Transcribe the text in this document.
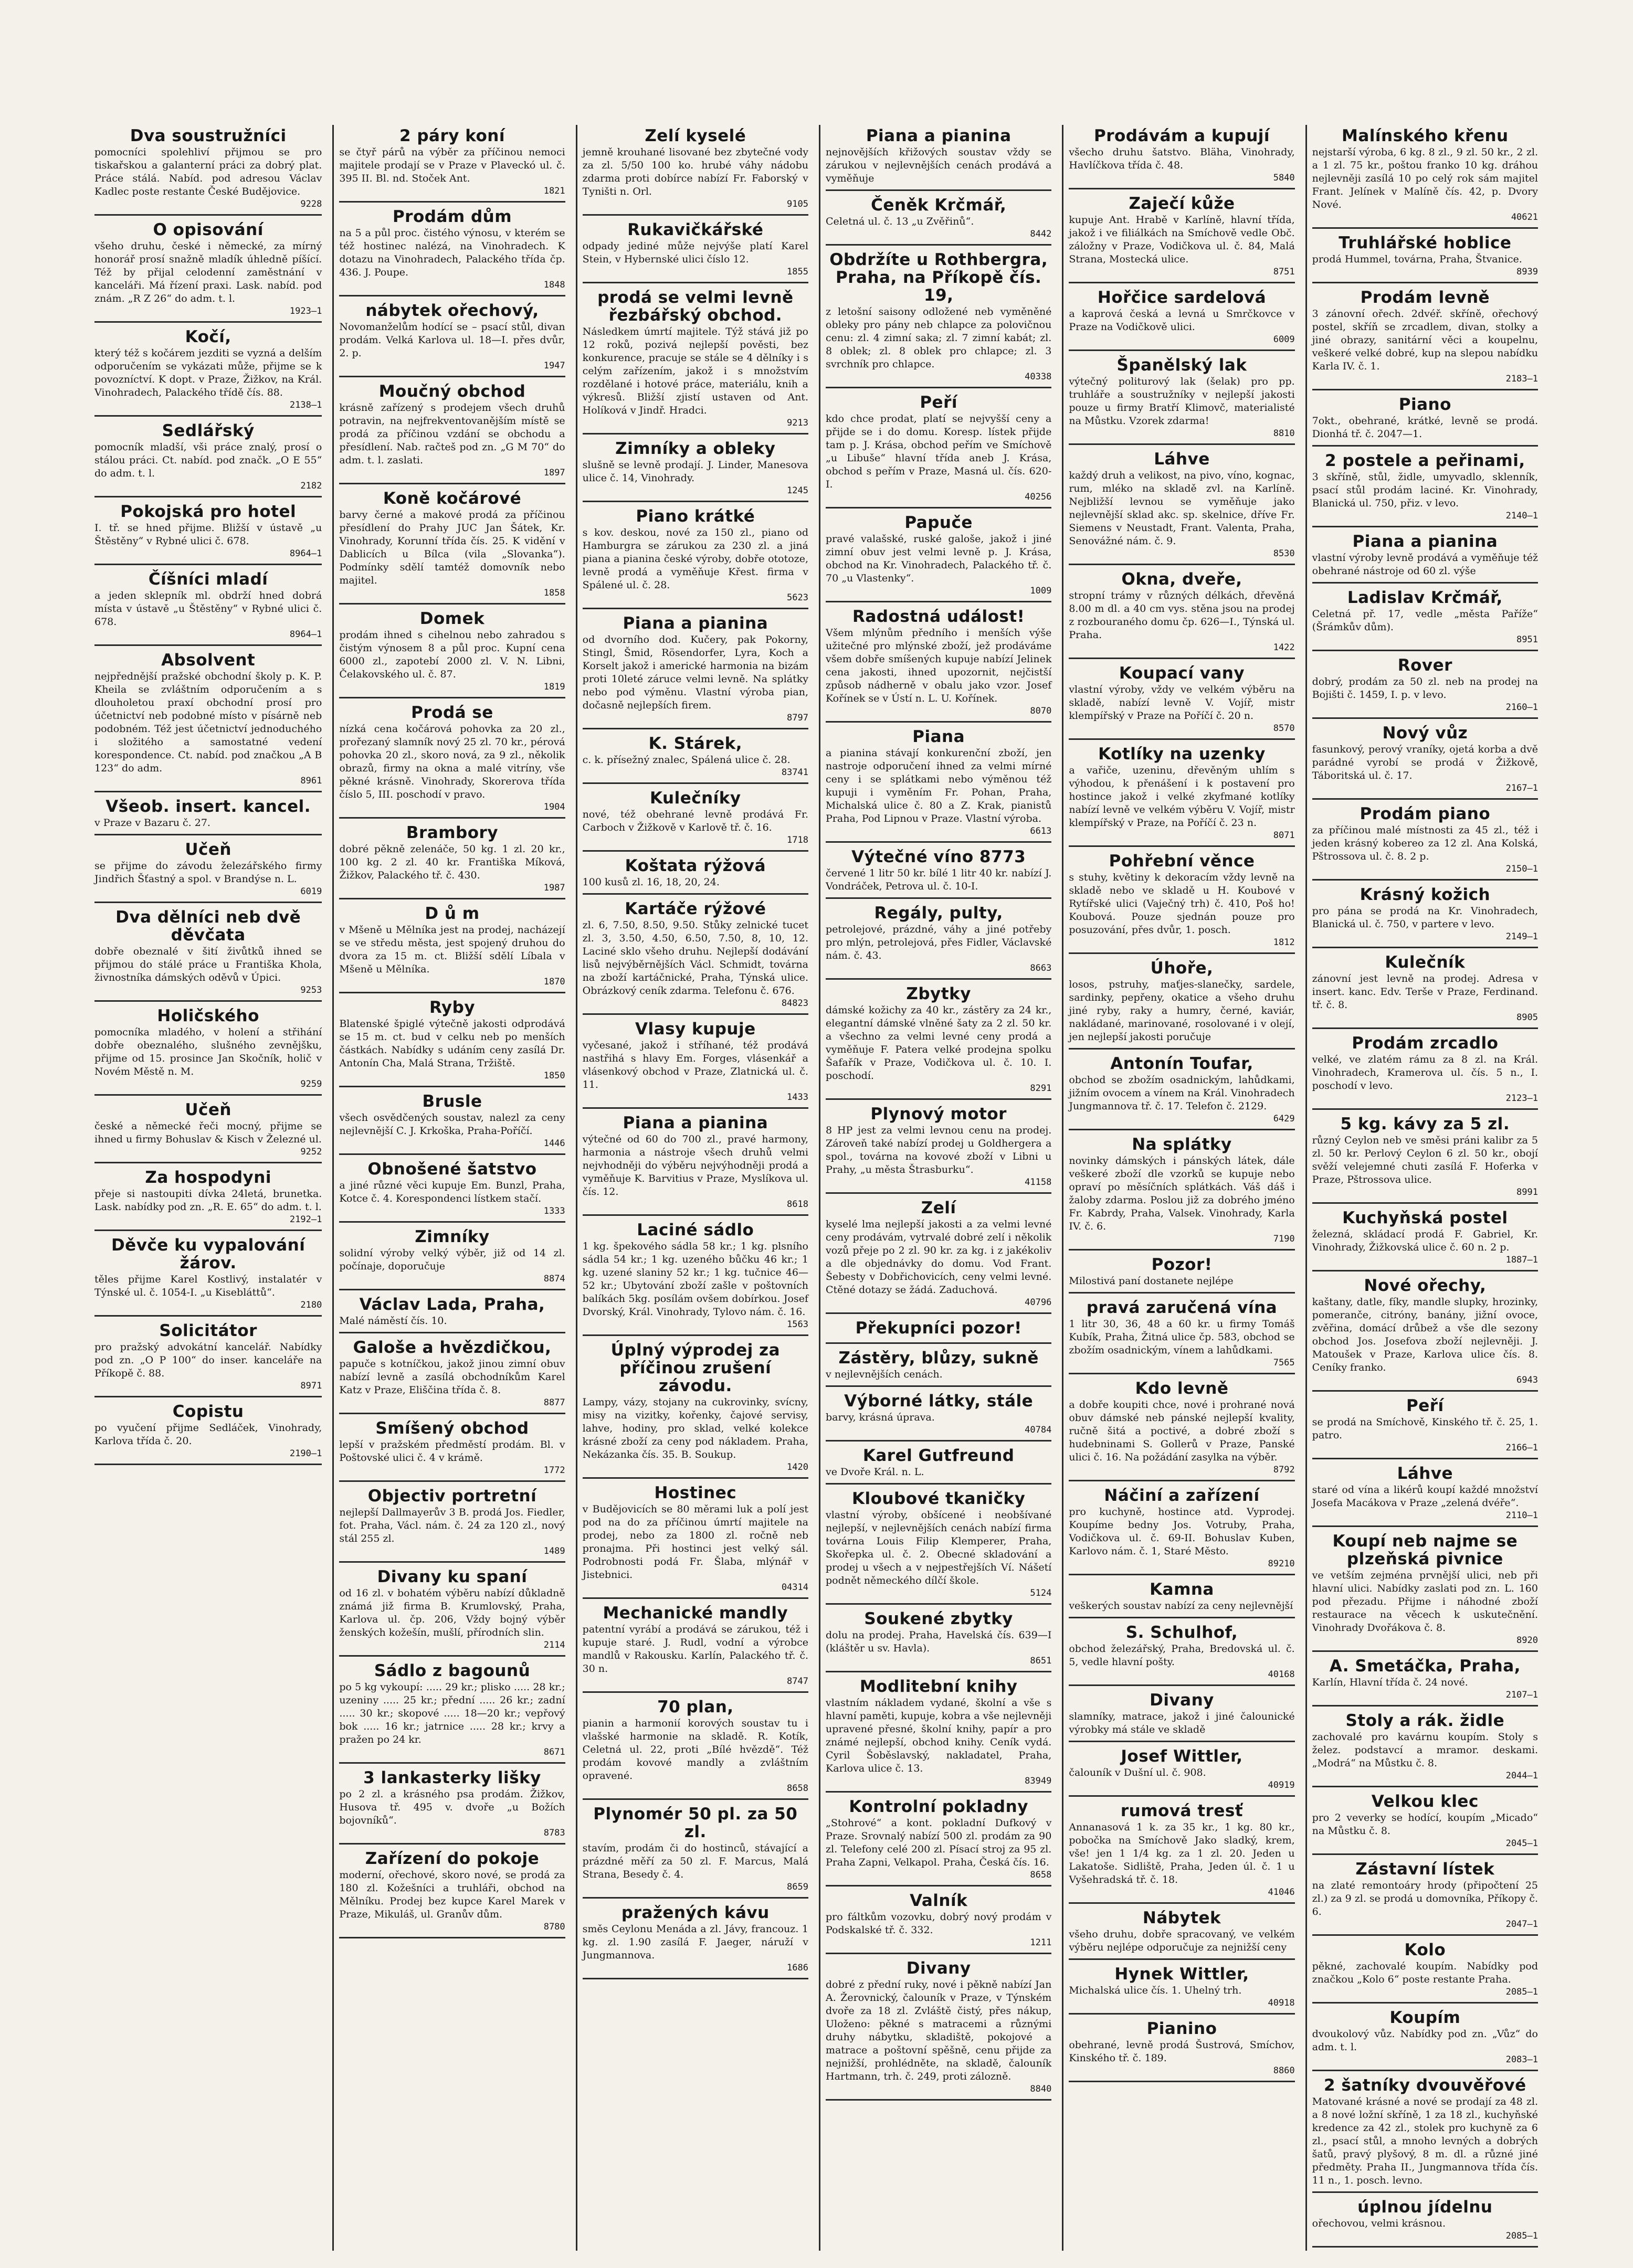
Dva soustružníci

pomocníci spolehliví přijmou se pro tiskařskou a galanterní práci za dobrý plat. Práce stálá. Nabíd. pod adresou Václav Kadlec poste restante České Budějovice.

9228

O opisování

všeho druhu, české i německé, za mírný honorář prosí snažně mladík úhledně píšící. Též by přijal celodenní zaměstnání v kanceláři. Má řízení praxi. Lask. nabíd. pod znám. „R Z 26“ do adm. t. l.

1923—1

Kočí,

který též s kočárem jezditi se vyzná a delším odporučením se vykázati může, přijme se k povozníctví. K dopt. v Praze, Žižkov, na Král. Vinohradech, Palackého třídě čís. 88.

2138—1

Sedlářský

pomocník mladší, vši práce znalý, prosí o stálou práci. Ct. nabíd. pod značk. „O E 55“ do adm. t. l.

2182

Pokojská pro hotel

I. tř. se hned přijme. Bližší v ústavě „u Štěstěny“ v Rybné ulici č. 678.

8964—1

Číšníci mladí

a jeden sklepník ml. obdrží hned dobrá místa v ústavě „u Štěstěny“ v Rybné ulici č. 678.

8964—1

Absolvent

nejpřednější pražské obchodní školy p. K. P. Kheila se zvláštním odporučením a s dlouholetou praxí obchodní prosí pro účetnictví neb podobné místo v písárně neb podobném. Též jest účetnictví jednoduchého i složitého a samostatné vedení korespondence. Ct. nabíd. pod značkou „A B 123“ do adm.

8961

Všeob. insert. kancel.

v Praze v Bazaru č. 27.

Učeň

se přijme do závodu železářského firmy Jindřich Šťastný a spol. v Brandýse n. L.

6019

Dva dělníci neb dvě děvčata

dobře obeznalé v šití živůtků ihned se přijmou do stálé práce u Františka Khola, živnostníka dámských oděvů v Úpici.

9253

Holičského

pomocníka mladého, v holení a střihání dobře obeznalého, slušného zevnějšku, přijme od 15. prosince Jan Skočník, holič v Novém Městě n. M.

9259

Učeň

české a německé řeči mocný, přijme se ihned u firmy Bohuslav & Kisch v Železné ul.

9252

Za hospodyni

přeje si nastoupiti dívka 24letá, brunetka. Lask. nabídky pod zn. „R. E. 65“ do adm. t. l.

2192—1

Děvče ku vypalování žárov.

těles přijme Karel Kostlivý, instalatér v Týnské ul. č. 1054-I. „u Kisebláttů“.

2180

Solicitátor

pro pražský advokátní kancelář. Nabídky pod zn. „O P 100“ do inser. kanceláře na Příkopě č. 88.

8971

Copistu

po vyučení přijme Sedláček, Vinohrady, Karlova třída č. 20.

2190—1

2 páry koní

se čtyř párů na výběr za příčinou nemoci majitele prodají se v Praze v Plaveckó ul. č. 395 II. Bl. nd. Stoček Ant.

1821

Prodám dům

na 5 a půl proc. čistého výnosu, v kterém se též hostinec nalézá, na Vinohradech. K dotazu na Vinohradech, Palackého třída čp. 436. J. Poupe.

1848

nábytek ořechový,

Novomanželům hodící se – psací stůl, divan prodám. Velká Karlova ul. 18—I. přes dvůr, 2. p.

1947

Moučný obchod

krásně zařízený s prodejem všech druhů potravin, na nejfrekventovanějším místě se prodá za příčinou vzdání se obchodu a přesídlení. Nab. račteš pod zn. „G M 70“ do adm. t. l. zaslati.

1897

Koně kočárové

barvy černé a makové prodá za příčinou přesídlení do Prahy JUC Jan Šátek, Kr. Vinohrady, Korunní třída čís. 25. K vidění v Dablicích u Bílca (vila „Slovanka“). Podmínky sdělí tamtéž domovník nebo majitel.

1858

Domek

prodám ihned s cihelnou nebo zahradou s čistým výnosem 8 a půl proc. Kupní cena 6000 zl., zapotebí 2000 zl. V. N. Libni, Čelakovského ul. č. 87.

1819

Prodá se

nízká cena kočárová pohovka za 20 zl., prořezaný slamník nový 25 zl. 70 kr., pérová pohovka 20 zl., skoro nová, za 9 zl., několik obrazů, firmy na okna a malé vitríny, vše pěkné krásně. Vinohrady, Skorerova třída číslo 5, III. poschodí v pravo.

1904

Brambory

dobré pěkně zelenáče, 50 kg. 1 zl. 20 kr., 100 kg. 2 zl. 40 kr. Františka Míková, Žižkov, Palackého tř. č. 430.

1987

D ů m

v Mšeně u Mělníka jest na prodej, nacházejí se ve středu města, jest spojený druhou do dvora za 15 m. ct. Bližší sdělí Líbala v Mšeně u Mělníka.

1870

Ryby

Blatenské špiglé výtečně jakosti odprodává se 15 m. ct. bud v celku neb po menších částkách. Nabídky s udáním ceny zasílá Dr. Antonín Cha, Malá Strana, Tržiště.

1850

Brusle

všech osvědčených soustav, nalezl za ceny nejlevnější C. J. Krkoška, Praha-Poříčí.

1446

Obnošené šatstvo

a jiné různé věci kupuje Em. Bunzl, Praha, Kotce č. 4. Korespondenci lístkem stačí.

1333

Zimníky

solidní výroby velký výběr, již od 14 zl. počínaje, doporučuje

8874

Václav Lada, Praha,

Malé náměstí čís. 10.

Galoše a hvězdičkou,

papuče s kotníčkou, jakož jinou zimní obuv nabízí levně a zasílá obchodníkům Karel Katz v Praze, Eliščina třída č. 8.

8877

Smíšený obchod

lepší v pražském předměstí prodám. Bl. v Poštovské ulici č. 4 v krámě.

1772

Objectiv portretní

nejlepší Dallmayerův 3 B. prodá Jos. Fiedler, fot. Praha, Václ. nám. č. 24 za 120 zl., nový stál 255 zl.

1489

Divany ku spaní

od 16 zl. v bohatém výběru nabízí důkladně známá již firma B. Krumlovský, Praha, Karlova ul. čp. 206, Vždy bojný výběr ženských kožešín, mušlí, přírodních slin.

2114

Sádlo z bagounů

po 5 kg vykoupí: ..... 29 kr.; plisko ..... 28 kr.; uzeniny ..... 25 kr.; přední ..... 26 kr.; zadní ..... 30 kr.; skopové ..... 18—20 kr.; vepřový bok ..... 16 kr.; jatrnice ..... 28 kr.; krvy a pražen po 24 kr.

8671

3 lankasterky lišky

po 2 zl. a krásného psa prodám. Žižkov, Husova tř. 495 v. dvoře „u Božích bojovníků“.

8783

Zařízení do pokoje

moderní, ořechové, skoro nové, se prodá za 180 zl. Kožešníci a truhláři, obchod na Mělníku. Prodej bez kupce Karel Marek v Praze, Mikuláš, ul. Granův dům.

8780

Zelí kyselé

jemně krouhané lisované bez zbytečné vody za zl. 5/50 100 ko. hrubé váhy nádobu zdarma proti dobírce nabízí Fr. Faborský v Tyništi n. Orl.

9105

Rukavičkářské

odpady jediné může nejvýše platí Karel Stein, v Hybernské ulici číslo 12.

1855

prodá se velmi levně řezbářský obchod.

Následkem úmrtí majitele. Týž stává již po 12 roků, pozivá nejlepší pověsti, bez konkurence, pracuje se stále se 4 dělníky i s celým zařízením, jakož i s množstvím rozdělané i hotové práce, materiálu, knih a výkresů. Bližší zjistí ustaven od Ant. Holíková v Jindř. Hradci.

9213

Zimníky a obleky

slušně se levně prodají. J. Linder, Manesova ulice č. 14, Vinohrady.

1245

Piano krátké

s kov. deskou, nové za 150 zl., piano od Hamburgra se zárukou za 230 zl. a jiná piana a pianina české výroby, dobře ototoze, levně prodá a vyměňuje Křest. firma v Spálené ul. č. 28.

5623

Piana a pianina

od dvorního dod. Kučery, pak Pokorny, Stingl, Šmid, Rösendorfer, Lyra, Koch a Korselt jakož i americké harmonia na bizám proti 10leté záruce velmi levně. Na splátky nebo pod výměnu. Vlastní výroba pian, dočasně nejlepších firem.

8797

K. Stárek,

c. k. přísežný znalec, Spálená ulice č. 28.

83741

Kulečníky

nové, též obehrané levně prodává Fr. Carboch v Žižkově v Karlově tř. č. 16.

1718

Koštata rýžová

100 kusů zl. 16, 18, 20, 24.

Kartáče rýžové

zl. 6, 7.50, 8.50, 9.50. Stůky zelnické tucet zl. 3, 3.50, 4.50, 6.50, 7.50, 8, 10, 12. Laciné sklo všeho druhu. Nejlepší dodávání lisů nejvýběrnějších Václ. Schmidt, továrna na zboží kartáčnické, Praha, Týnská ulice. Obrázkový ceník zdarma. Telefonu č. 676.

84823

Vlasy kupuje

vyčesané, jakož i stříhané, též prodává nastřihá s hlavy Em. Forges, vlásenkář a vlásenkový obchod v Praze, Zlatnická ul. č. 11.

1433

Piana a pianina

výtečné od 60 do 700 zl., pravé harmony, harmonia a nástroje všech druhů velmi nejvhodněji do výběru nejvýhodněji prodá a vyměňuje K. Barvitius v Praze, Myslíkova ul. čís. 12.

8618

Laciné sádlo

1 kg. špekového sádla 58 kr.; 1 kg. plsního sádla 54 kr.; 1 kg. uzeného bůčku 46 kr.; 1 kg. uzené slaniny 52 kr.; 1 kg. tučnice 46—52 kr.; Ubytování zboží zašle v poštovních balíkách 5kg. posílám ovšem dobírkou. Josef Dvorský, Král. Vinohrady, Tylovo nám. č. 16.

1563

Úplný výprodej za příčinou zrušení závodu.

Lampy, vázy, stojany na cukrovinky, svícny, misy na vizitky, kořenky, čajové servisy, lahve, hodiny, pro sklad, velké kolekce krásné zboží za ceny pod nákladem. Praha, Nekázanka čís. 35. B. Soukup.

1420

Hostinec

v Budějovicích se 80 měrami luk a polí jest pod na do za příčinou úmrtí majitele na prodej, nebo za 1800 zl. ročně neb pronajma. Při hostinci jest velký sál. Podrobnosti podá Fr. Šlaba, mlýnář v Jistebnici.

04314

Mechanické mandly

patentní vyrábí a prodává se zárukou, též i kupuje staré. J. Rudl, vodní a výrobce mandlů v Rakousku. Karlín, Palackého tř. č. 30 n.

8747

70 plan,

pianin a harmonií korových soustav tu i vlašské harmonie na skladě. R. Kotík, Celetná ul. 22, proti „Bílé hvězdě“. Též prodám kovové mandly a zvláštním opravené.

8658

Plynomér 50 pl. za 50 zl.

stavím, prodám či do hostinců, stávající a prázdné měří za 50 zl. F. Marcus, Malá Strana, Besedy č. 4.

8659

pražených kávu

směs Ceylonu Menáda a zl. Jávy, francouz. 1 kg. zl. 1.90 zasílá F. Jaeger, náruží v Jungmannova.

1686

Piana a pianina

nejnovějších křižových soustav vždy se zárukou v nejlevnějších cenách prodává a vyměňuje

Čeněk Krčmář,

Celetná ul. č. 13 „u Zvěřinů“.

8442

Obdržíte u Rothbergra, Praha, na Příkopě čís. 19,

z letošní saisony odložené neb vyměněné obleky pro pány neb chlapce za polovičnou cenu: zl. 4 zimní saka; zl. 7 zimní kabát; zl. 8 oblek; zl. 8 oblek pro chlapce; zl. 3 svrchník pro chlapce.

40338

Peří

kdo chce prodat, platí se nejvyšší ceny a přijde se i do domu. Koresp. lístek přijde tam p. J. Krása, obchod peřím ve Smíchově „u Libuše“ hlavní třída aneb J. Krása, obchod s peřím v Praze, Masná ul. čís. 620-I.

40256

Papuče

pravé valašské, ruské galoše, jakož i jiné zimní obuv jest velmi levně p. J. Krása, obchod na Kr. Vinohradech, Palackého tř. č. 70 „u Vlastenky“.

1009

Radostná událost!

Všem mlýnům předního i menších výše užitečné pro mlýnské zboží, jež prodáváme všem dobře smíšených kupuje nabízí Jelinek cena jakosti, ihned upozornit, nejčistší způsob nádherně v obalu jako vzor. Josef Kořínek se v Ústí n. L. U. Kořínek.

8070

Piana

a pianina stávají konkurenční zboží, jen nastroje odporučení ihned za velmi mírné ceny i se splátkami nebo výměnou též kupuji i vyměním Fr. Pohan, Praha, Michalská ulice č. 80 a Z. Krak, pianistů Praha, Pod Lipnou v Praze. Vlastní výroba.

6613

Výtečné víno 8773

červené 1 litr 50 kr. bílé 1 litr 40 kr. nabízí J. Vondráček, Petrova ul. č. 10-I.

Regály, pulty,

petrolejové, prázdné, váhy a jiné potřeby pro mlýn, petrolejová, přes Fidler, Václavské nám. č. 43.

8663

Zbytky

dámské kožichy za 40 kr., zástěry za 24 kr., elegantní dámské vlněné šaty za 2 zl. 50 kr. a všechno za velmi levné ceny prodá a vyměňuje F. Patera velké prodejna spolku Šafařík v Praze, Vodičkova ul. č. 10. I. poschodí.

8291

Plynový motor

8 HP jest za velmi levnou cenu na prodej. Zároveň také nabízí prodej u Goldhergera a spol., továrna na kovové zboží v Libni u Prahy, „u města Štrasburku“.

41158

Zelí

kyselé lma nejlepší jakosti a za velmi levné ceny prodávám, vytrvalé dobré zelí i několik vozů přeje po 2 zl. 90 kr. za kg. i z jakékoliv a dle objednávky do domu. Vod Frant. Šebesty v Dobřichovicích, ceny velmi levné. Ctěné dotazy se žádá. Zaduchová.

40796

Překupníci pozor!
Zástěry, blůzy, sukně

v nejlevnějších cenách.

Výborné látky, stále

barvy, krásná úprava.

40784

Karel Gutfreund

ve Dvoře Král. n. L.

Kloubové tkaničky

vlastní výroby, obšícené i neobšívané nejlepší, v nejlevnějších cenách nabízí firma továrna Louis Filip Klemperer, Praha, Skořepka ul. č. 2. Obecné skladování a prodej u všech a v nejpestřejších Ví. Nášetí podnět německého dílčí škole.

5124

Soukené zbytky

dolu na prodej. Praha, Havelská čís. 639—I (kláštěr u sv. Havla).

8651

Modlitební knihy

vlastním nákladem vydané, školní a vše s hlavní paměti, kupuje, kobra a vše nejlevněji upravené přesné, školní knihy, papír a pro známé nejlepší, obchod knihy. Ceník vydá. Cyril Šoběslavský, nakladatel, Praha, Karlova ulice č. 13.

83949

Kontrolní pokladny

„Stohrové“ a kont. pokladní Dufkový v Praze. Srovnalý nabízí 500 zl. prodám za 90 zl. Telefony celé 200 zl. Písací stroj za 95 zl. Praha Zapni, Velkapol. Praha, Česká čís. 16.

8658

Valník

pro fáltkům vozovku, dobrý nový prodám v Podskalské tř. č. 332.

1211

Divany

dobré z přední ruky, nové i pěkně nabízí Jan A. Žerovnický, čalouník v Praze, v Týnském dvoře za 18 zl. Zvláště čistý, přes nákup, Uloženo: pěkné s matracemi a různými druhy nábytku, skladiště, pokojové a matrace a poštovní spěšně, cenu přijde za nejnižší, prohlédněte, na skladě, čalouník Hartmann, trh. č. 249, proti zálozně.

8840

Prodávám a kupují

všecho druhu šatstvo. Bläha, Vinohrady, Havlíčkova třída č. 48.

5840

Zaječí kůže

kupuje Ant. Hrabě v Karlíně, hlavní třída, jakož i ve filiálkách na Smíchově vedle Obč. záložny v Praze, Vodičkova ul. č. 84, Malá Strana, Mostecká ulice.

8751

Hořčice sardelová

a kaprová česká a levná u Smrčkovce v Praze na Vodičkově ulici.

6009

Španělský lak

výtečný politurový lak (šelak) pro pp. truhláře a soustružníky v nejlepší jakosti pouze u firmy Bratří Klimovč, materialisté na Můstku. Vzorek zdarma!

8810

Láhve

každý druh a velikost, na pivo, víno, kognac, rum, mléko na skladě zvl. na Karlíně. Nejbližší levnou se vyměňuje jako nejlevnější sklad akc. sp. skelnice, dříve Fr. Siemens v Neustadt, Frant. Valenta, Praha, Senovážné nám. č. 9.

8530

Okna, dveře,

stropní trámy v různých délkách, dřevěná 8.00 m dl. a 40 cm vys. stěna jsou na prodej z rozbouraného domu čp. 626—I., Týnská ul. Praha.

1422

Koupací vany

vlastní výroby, vždy ve velkém výběru na skladě, nabízí levně V. Vojíř, mistr klempířský v Praze na Poříčí č. 20 n.

8570

Kotlíky na uzenky

a vařiče, uzeninu, dřevěným uhlím s výhodou, k přenášení i k postavení pro hostince jakož i velké zkyfmané kotlíky nabízí levně ve velkém výběru V. Vojíř, mistr klempířský v Praze, na Poříčí č. 23 n.

8071

Pohřební věnce

s stuhy, květiny k dekoracím vždy levně na skladě nebo ve skladě u H. Koubové v Rytířské ulici (Vaječný trh) č. 410, Poš ho! Koubová. Pouze sjednán pouze pro posuzování, přes dvůr, 1. posch.

1812

Úhoře,

losos, pstruhy, maťjes-slanečky, sardele, sardinky, pepřeny, okatice a všeho druhu jiné ryby, raky a humry, černé, kaviár, nakládané, marinované, rosolované i v olejí, jen nejlepší jakosti poručuje

Antonín Toufar,

obchod se zbožím osadnickým, lahůdkami, jižním ovocem a vínem na Král. Vinohradech Jungmannova tř. č. 17. Telefon č. 2129.

6429

Na splátky

novinky dámských i pánských látek, dále veškeré zboží dle vzorků se kupuje nebo opraví po měsíčních splátkách. Váš dáš i žaloby zdarma. Poslou již za dobrého jméno Fr. Kabrdy, Praha, Valsek. Vinohrady, Karla IV. č. 6.

7190

Pozor!

Milostivá paní dostanete nejlépe

pravá zaručená vína

1 litr 30, 36, 48 a 60 kr. u firmy Tomáš Kubík, Praha, Žitná ulice čp. 583, obchod se zbožím osadnickým, vínem a lahůdkami.

7565

Kdo levně

a dobře koupiti chce, nové i prohrané nová obuv dámské neb pánské nejlepší kvality, ručně šitá a poctivé, a dobré zboží s hudebninami S. Gollerů v Praze, Panské ulici č. 16. Na požádání zasylka na výběr.

8792

Náčiní a zařízení

pro kuchyně, hostince atd. Vyprodej. Koupíme bedny Jos. Votruby, Praha, Vodičkova ul. č. 69-II. Bohuslav Kuben, Karlovo nám. č. 1, Staré Město.

89210

Kamna

veškerých soustav nabízí za ceny nejlevnější

S. Schulhof,

obchod železářský, Praha, Bredovská ul. č. 5, vedle hlavní pošty.

40168

Divany

slamníky, matrace, jakož i jiné čalounické výrobky má stále ve skladě

Josef Wittler,

čalouník v Dušní ul. č. 908.

40919

rumová tresť

Annanasová 1 k. za 35 kr., 1 kg. 80 kr., pobočka na Smíchově Jako sladký, krem, vše! jen 1 1/4 kg. za 1 zl. 20. Jeden u Lakatoše. Sidliště, Praha, Jeden úl. č. 1 u Vyšehradská tř. č. 18.

41046

Nábytek

všeho druhu, dobře spracovaný, ve velkém výběru nejlépe odporučuje za nejnižší ceny

Hynek Wittler,

Michalská ulice čís. 1. Uhelný trh.

40918

Pianino

obehrané, levně prodá Šustrová, Smíchov, Kinského tř. č. 189.

8860

Malínského křenu

nejstarší výroba, 6 kg. 8 zl., 9 zl. 50 kr., 2 zl. a 1 zl. 75 kr., poštou franko 10 kg. dráhou nejlevněji zasílá 10 po celý rok sám majitel Frant. Jelínek v Malíně čís. 42, p. Dvory Nové.

40621

Truhlářské hoblice

prodá Hummel, továrna, Praha, Štvanice.

8939

Prodám levně

3 zánovní ořech. 2dvéř. skříně, ořechový postel, skříň se zrcadlem, divan, stolky a jiné obrazy, sanitární věci a koupelnu, veškeré velké dobré, kup na slepou nabídku Karla IV. č. 1.

2183—1

Piano

7okt., obehrané, krátké, levně se prodá. Dionhá tř. č. 2047—1.

2 postele a peřinami,

3 skříně, stůl, židle, umyvadlo, sklenník, psací stůl prodám laciné. Kr. Vinohrady, Blanická ul. 750, přiz. v levo.

2140—1

Piana a pianina

vlastní výroby levně prodává a vyměňuje též obehrané nástroje od 60 zl. výše

Ladislav Krčmář,

Celetná př. 17, vedle „města Paříže“ (Šrámkův dům).

8951

Rover

dobrý, prodám za 50 zl. neb na prodej na Bojišti č. 1459, I. p. v levo.

2160—1

Nový vůz

fasunkový, perový vraníky, ojetá korba a dvě parádné vyrobí se prodá v Žižkově, Táboritská ul. č. 17.

2167—1

Prodám piano

za příčinou malé místnosti za 45 zl., též i jeden krásný kobereo za 12 zl. Ana Kolská, Pštrossova ul. č. 8. 2 p.

2150—1

Krásný kožich

pro pána se prodá na Kr. Vinohradech, Blanická ul. č. 750, v partere v levo.

2149—1

Kulečník

zánovní jest levně na prodej. Adresa v insert. kanc. Edv. Terše v Praze, Ferdinand. tř. č. 8.

8905

Prodám zrcadlo

velké, ve zlatém rámu za 8 zl. na Král. Vinohradech, Kramerova ul. čís. 5 n., I. poschodí v levo.

2123—1

5 kg. kávy za 5 zl.

různý Ceylon neb ve směsi práni kalibr za 5 zl. 50 kr. Perlový Ceylon 6 zl. 50 kr., obojí svěží velejemné chuti zasílá F. Hoferka v Praze, Pštrossova ulice.

8991

Kuchyňská postel

železná, skládací prodá F. Gabriel, Kr. Vinohrady, Žižkovská ulice č. 60 n. 2 p.

1887—1

Nové ořechy,

kaštany, datle, fíky, mandle slupky, hrozinky, pomeranče, citróny, banány, jižní ovoce, zvěřina, domácí drůbež a vše dle sezony obchod Jos. Josefova zboží nejlevněji. J. Matoušek v Praze, Karlova ulice čís. 8. Ceníky franko.

6943

Peří

se prodá na Smíchově, Kinského tř. č. 25, 1. patro.

2166—1

Láhve

staré od vína a likérů koupí každé množství Josefa Macákova v Praze „zelená dvéře“.

2110—1

Koupí neb najme se plzeňská pivnice

ve vetším zejména prvnější ulici, neb při hlavní ulici. Nabídky zaslati pod zn. L. 160 pod přezadu. Přijme i náhodné zboží restaurace na věcech k uskutečnění. Vinohrady Dvořákova č. 8.

8920

A. Smetáčka, Praha,

Karlín, Hlavní třída č. 24 nové.

2107—1

Stoly a rák. židle

zachovalé pro kavárnu koupím. Stoly s želez. podstavcí a mramor. deskami. „Modrá“ na Můstku č. 8.

2044—1

Velkou klec

pro 2 veverky se hodící, koupím „Micado“ na Můstku č. 8.

2045—1

Zástavní lístek

na zlaté remontoáry hrody (připočtení 25 zl.) za 9 zl. se prodá u domovníka, Příkopy č. 6.

2047—1

Kolo

pěkné, zachovalé koupím. Nabídky pod značkou „Kolo 6“ poste restante Praha.

2085—1

Koupím

dvoukolový vůz. Nabídky pod zn. „Vůz“ do adm. t. l.

2083—1

2 šatníky dvouvěřové

Matované krásné a nové se prodají za 48 zl. a 8 nové ložní skříně, 1 za 18 zl., kuchyňské kredence za 42 zl., stolek pro kuchyně za 6 zl., psací stůl, a mnoho levných a dobrých šatů, pravý plyšový, 8 m. dl. a různé jiné předměty. Praha II., Jungmannova třída čís. 11 n., 1. posch. levno.

úplnou jídelnu

ořechovou, velmi krásnou.

2085—1
